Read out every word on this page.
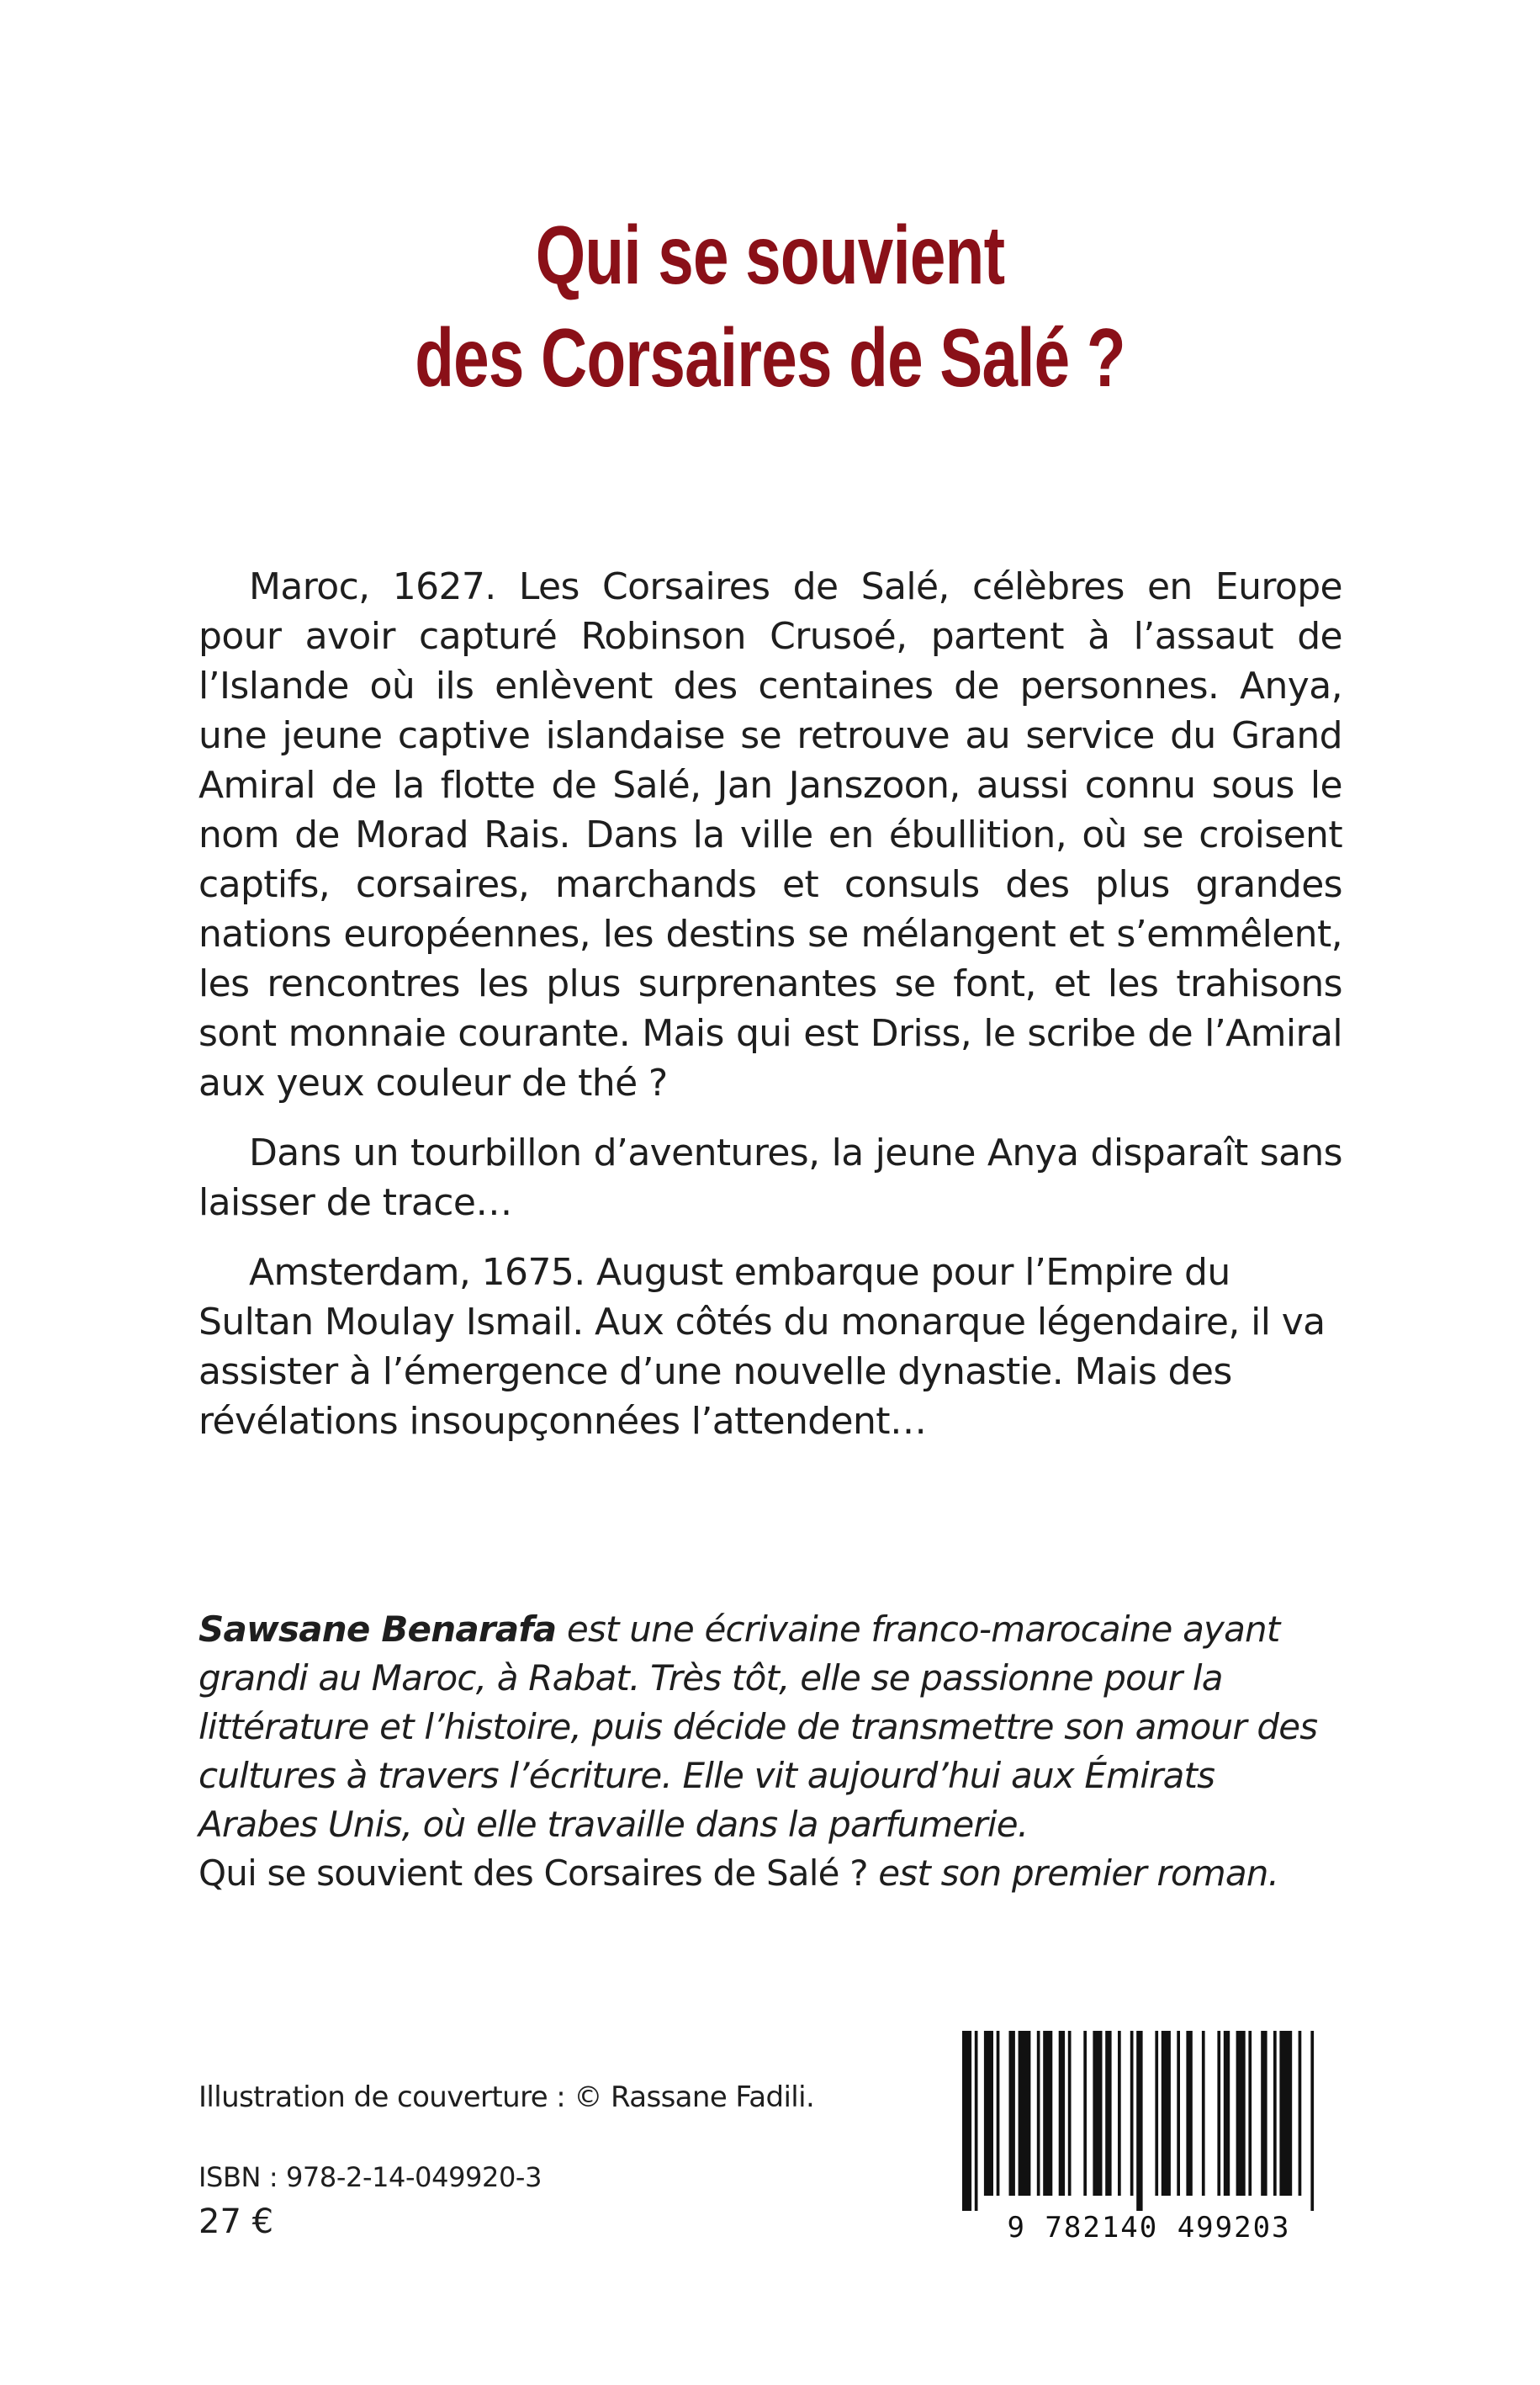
Qui se souvient
des Corsaires de Salé ?

Maroc, 1627. Les Corsaires de Salé, célèbres en Europe pour avoir capturé Robinson Crusoé, partent à l’assaut de l’Islande où ils enlèvent des centaines de personnes. Anya, une jeune captive islandaise se retrouve au service du Grand Amiral de la flotte de Salé, Jan Janszoon, aussi connu sous le nom de Morad Rais. Dans la ville en ébullition, où se croisent captifs, corsaires, marchands et consuls des plus grandes nations européennes, les destins se mélangent et s’emmêlent, les rencontres les plus surprenantes se font, et les trahisons sont monnaie courante. Mais qui est Driss, le scribe de l’Amiral aux yeux couleur de thé ?

Dans un tourbillon d’aventures, la jeune Anya disparaît sans laisser de trace…

Amsterdam, 1675. August embarque pour l’Empire du Sultan Moulay Ismail. Aux côtés du monarque légendaire, il va assister à l’émergence d’une nouvelle dynastie. Mais des révélations insoupçonnées l’attendent…

Sawsane Benarafa est une écrivaine franco-marocaine ayant grandi au Maroc, à Rabat. Très tôt, elle se passionne pour la littérature et l’histoire, puis décide de transmettre son amour des cultures à travers l’écriture. Elle vit aujourd’hui aux Émirats Arabes Unis, où elle travaille dans la parfumerie.
Qui se souvient des Corsaires de Salé ? est son premier roman.

Illustration de couverture : © Rassane Fadili.
ISBN : 978-2-14-049920-3
27 €	9 782140 499203
